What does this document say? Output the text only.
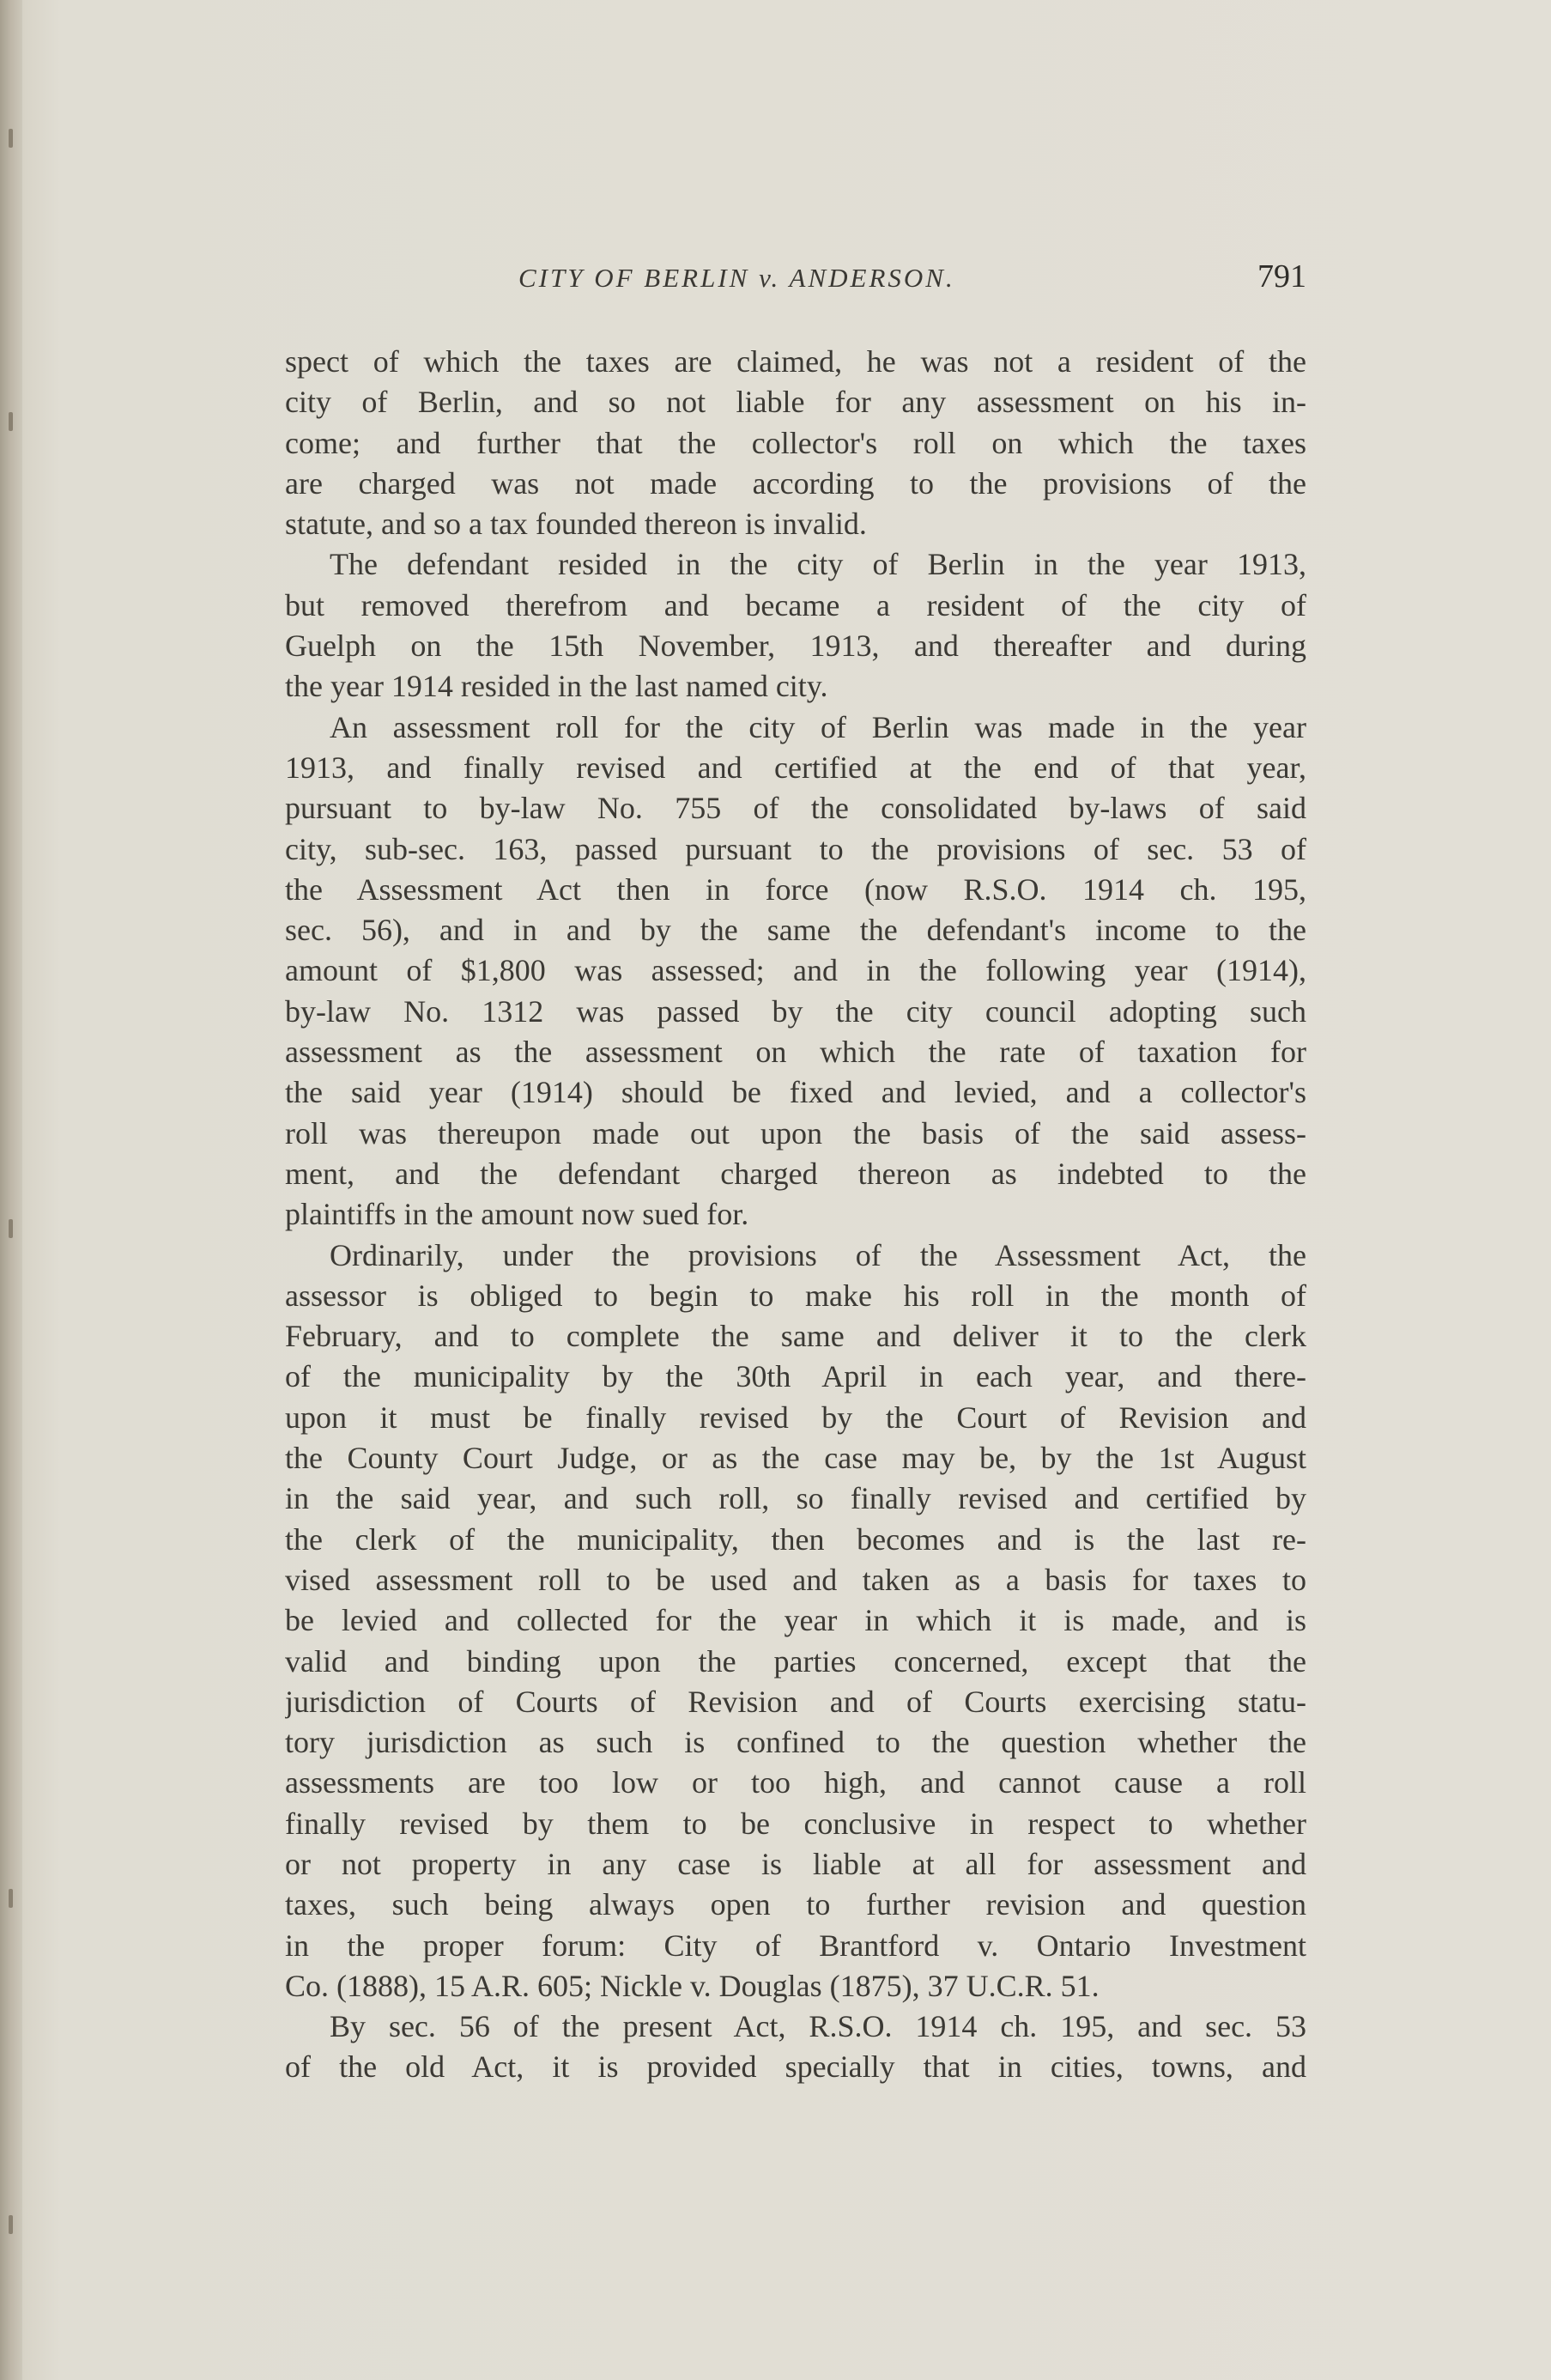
CITY OF BERLIN v. ANDERSON.	791
spect of which the taxes are claimed, he was not a resident of the
city of Berlin, and so not liable for any assessment on his in-
come; and further that the collector's roll on which the taxes
are charged was not made according to the provisions of the
statute, and so a tax founded thereon is invalid.
The defendant resided in the city of Berlin in the year 1913,
but removed therefrom and became a resident of the city of
Guelph on the 15th November, 1913, and thereafter and during
the year 1914 resided in the last named city.
An assessment roll for the city of Berlin was made in the year
1913, and finally revised and certified at the end of that year,
pursuant to by-law No. 755 of the consolidated by-laws of said
city, sub-sec. 163, passed pursuant to the provisions of sec. 53 of
the Assessment Act then in force (now R.S.O. 1914 ch. 195,
sec. 56), and in and by the same the defendant's income to the
amount of $1,800 was assessed; and in the following year (1914),
by-law No. 1312 was passed by the city council adopting such
assessment as the assessment on which the rate of taxation for
the said year (1914) should be fixed and levied, and a collector's
roll was thereupon made out upon the basis of the said assess-
ment, and the defendant charged thereon as indebted to the
plaintiffs in the amount now sued for.
Ordinarily, under the provisions of the Assessment Act, the
assessor is obliged to begin to make his roll in the month of
February, and to complete the same and deliver it to the clerk
of the municipality by the 30th April in each year, and there-
upon it must be finally revised by the Court of Revision and
the County Court Judge, or as the case may be, by the 1st August
in the said year, and such roll, so finally revised and certified by
the clerk of the municipality, then becomes and is the last re-
vised assessment roll to be used and taken as a basis for taxes to
be levied and collected for the year in which it is made, and is
valid and binding upon the parties concerned, except that the
jurisdiction of Courts of Revision and of Courts exercising statu-
tory jurisdiction as such is confined to the question whether the
assessments are too low or too high, and cannot cause a roll
finally revised by them to be conclusive in respect to whether
or not property in any case is liable at all for assessment and
taxes, such being always open to further revision and question
in the proper forum: City of Brantford v. Ontario Investment
Co. (1888), 15 A.R. 605; Nickle v. Douglas (1875), 37 U.C.R. 51.
By sec. 56 of the present Act, R.S.O. 1914 ch. 195, and sec. 53
of the old Act, it is provided specially that in cities, towns, and
